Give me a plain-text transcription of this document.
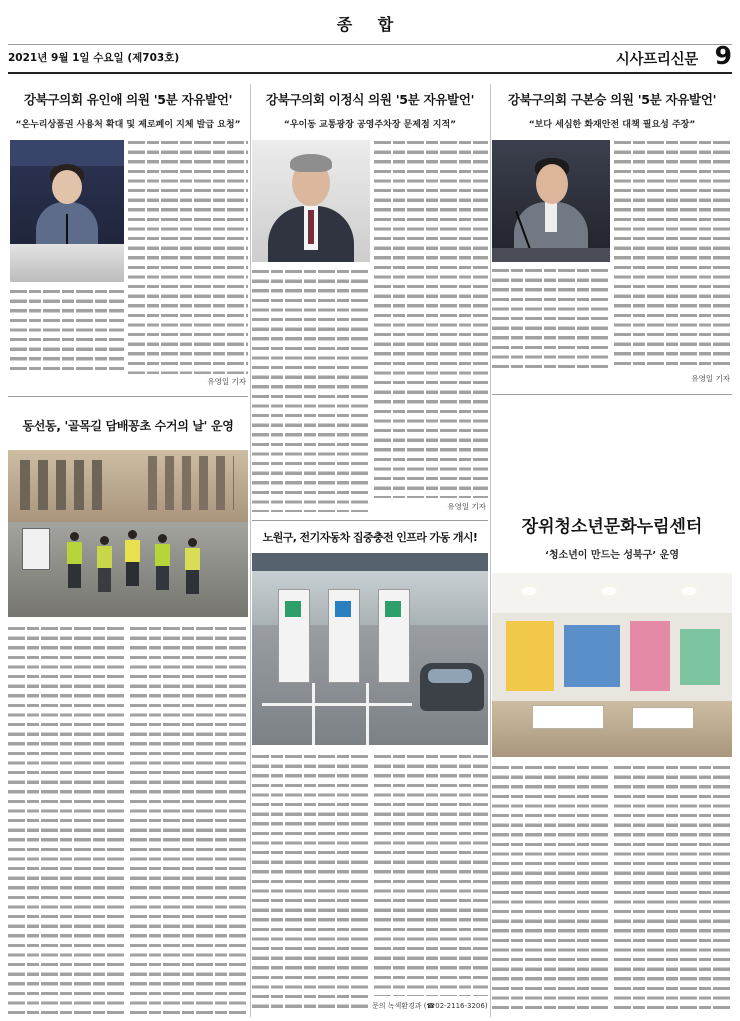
종 합
2021년 9월 1일 수요일 (제703호)	시사프리신문 9
강북구의회 유인애 의원 '5분 자유발언'
“온누리상품권 사용처 확대 및 제로페이 지체 발급 요청”
유영일 기자
강북구의회 이정식 의원 '5분 자유발언'
“우이동 교통광장 공영주차장 문제점 지적”
유영일 기자
강북구의회 구본승 의원 '5분 자유발언'
“보다 세심한 화재안전 대책 필요성 주장”
유영일 기자
동선동, '골목길 담배꽁초 수거의 날' 운영
노원구, 전기자동차 집중충전 인프라 가동 개시!
문의 녹색환경과 (☎02-2116-3206)
장위청소년문화누림센터
‘청소년이 만드는 성북구’ 운영
